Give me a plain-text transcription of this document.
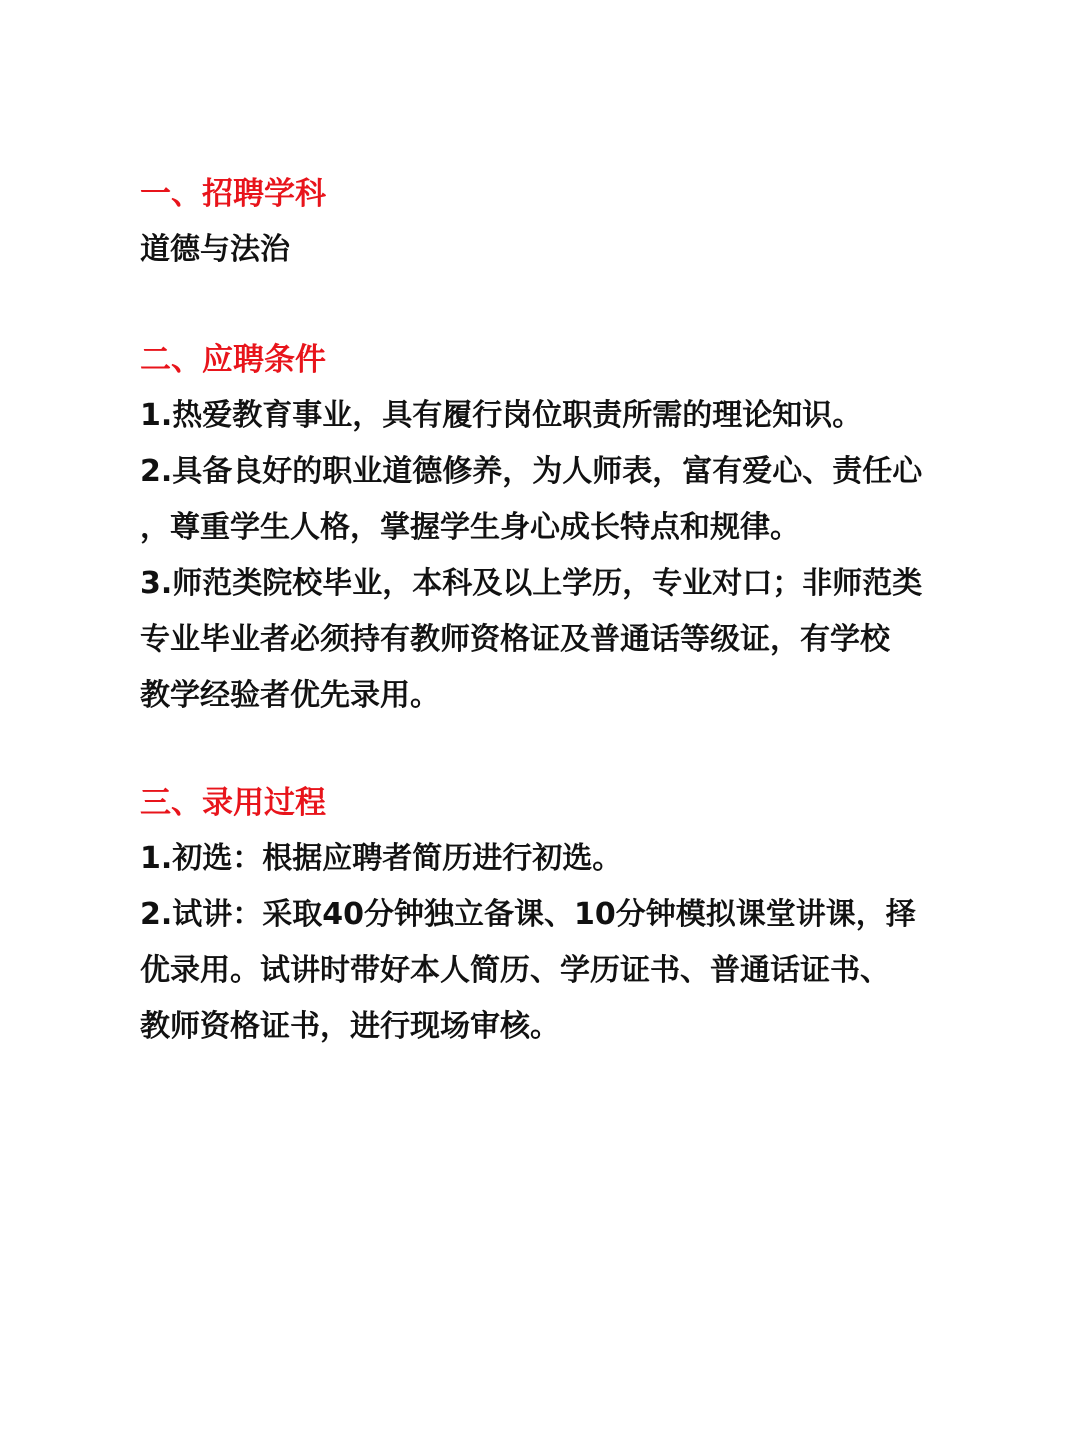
一、招聘学科
道德与法治
二、应聘条件
1.热爱教育事业，具有履行岗位职责所需的理论知识。
2.具备良好的职业道德修养，为人师表，富有爱心、责任心
，尊重学生人格，掌握学生身心成长特点和规律。
3.师范类院校毕业，本科及以上学历，专业对口；非师范类
专业毕业者必须持有教师资格证及普通话等级证，有学校
教学经验者优先录用。
三、录用过程
1.初选：根据应聘者简历进行初选。
2.试讲：采取40分钟独立备课、10分钟模拟课堂讲课，择
优录用。试讲时带好本人简历、学历证书、普通话证书、
教师资格证书，进行现场审核。
